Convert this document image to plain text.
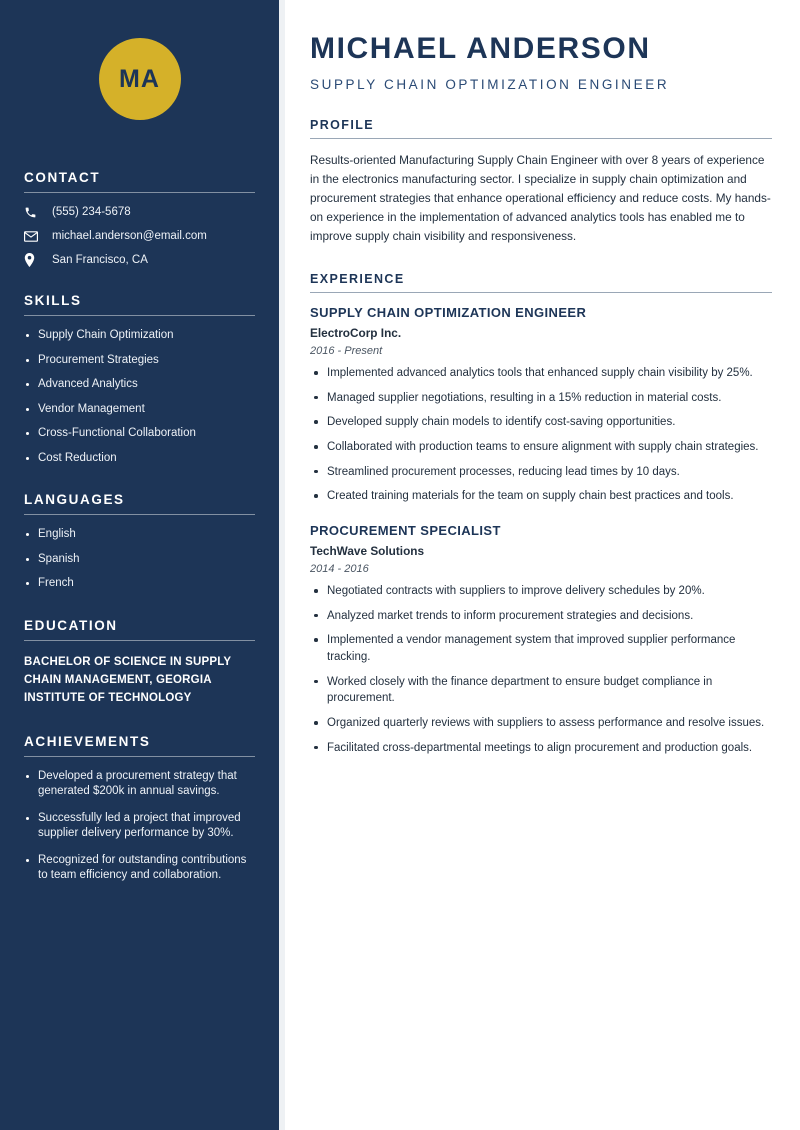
MA
CONTACT
(555) 234-5678
michael.anderson@email.com
San Francisco, CA
SKILLS
Supply Chain Optimization
Procurement Strategies
Advanced Analytics
Vendor Management
Cross-Functional Collaboration
Cost Reduction
LANGUAGES
English
Spanish
French
EDUCATION
BACHELOR OF SCIENCE IN SUPPLY CHAIN MANAGEMENT, GEORGIA INSTITUTE OF TECHNOLOGY
ACHIEVEMENTS
Developed a procurement strategy that generated $200k in annual savings.
Successfully led a project that improved supplier delivery performance by 30%.
Recognized for outstanding contributions to team efficiency and collaboration.
MICHAEL ANDERSON
SUPPLY CHAIN OPTIMIZATION ENGINEER
PROFILE

Results-oriented Manufacturing Supply Chain Engineer with over 8 years of experience in the electronics manufacturing sector. I specialize in supply chain optimization and procurement strategies that enhance operational efficiency and reduce costs. My hands-on experience in the implementation of advanced analytics tools has enabled me to improve supply chain visibility and responsiveness.

EXPERIENCE
SUPPLY CHAIN OPTIMIZATION ENGINEER
ElectroCorp Inc.
2016 - Present
Implemented advanced analytics tools that enhanced supply chain visibility by 25%.
Managed supplier negotiations, resulting in a 15% reduction in material costs.
Developed supply chain models to identify cost-saving opportunities.
Collaborated with production teams to ensure alignment with supply chain strategies.
Streamlined procurement processes, reducing lead times by 10 days.
Created training materials for the team on supply chain best practices and tools.
PROCUREMENT SPECIALIST
TechWave Solutions
2014 - 2016
Negotiated contracts with suppliers to improve delivery schedules by 20%.
Analyzed market trends to inform procurement strategies and decisions.
Implemented a vendor management system that improved supplier performance tracking.
Worked closely with the finance department to ensure budget compliance in procurement.
Organized quarterly reviews with suppliers to assess performance and resolve issues.
Facilitated cross-departmental meetings to align procurement and production goals.
